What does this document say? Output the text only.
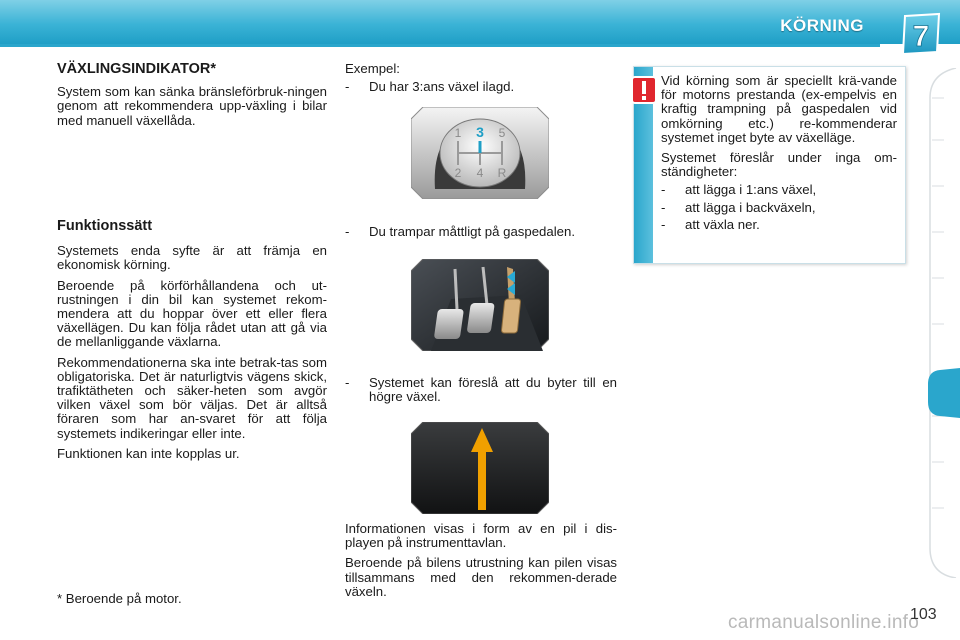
KÖRNING 7
VÄXLINGSINDIKATOR*

System som kan sänka bränsleförbruk-ningen genom att rekommendera upp-växling i bilar med manuell växellåda.

Funktionssätt

Systemets enda syfte är att främja en ekonomisk körning.

Beroende på körförhållandena och ut-rustningen i din bil kan systemet rekom-mendera att du hoppar över ett eller flera växellägen. Du kan följa rådet utan att gå via de mellanliggande växlarna.

Rekommendationerna ska inte betrak-tas som obligatoriska. Det är naturligtvis vägens skick, trafiktätheten och säker-heten som avgör vilken växel som bör väljas. Det är alltså föraren som har an-svaret för att följa systemets indikeringar eller inte.

Funktionen kan inte kopplas ur.

* Beroende på motor.

Exempel:

-	Du har 3:ans växel ilagd.
1 3 5
2 4 R
-	Du trampar måttligt på gaspedalen.
-	Systemet kan föreslå att du byter till en högre växel.

Informationen visas i form av en pil i dis-playen på instrumenttavlan.

Beroende på bilens utrustning kan pilen visas tillsammans med den rekommen-derade växeln.

Vid körning som är speciellt krä-vande för motorns prestanda (ex-empelvis en kraftig trampning på gaspedalen vid omkörning etc.) re-kommenderar systemet inget byte av växelläge.

Systemet föreslår under inga om-ständigheter:

-	att lägga i 1:ans växel,
-	att lägga i backväxeln,
-	att växla ner.
carmanualsonline.info
103
